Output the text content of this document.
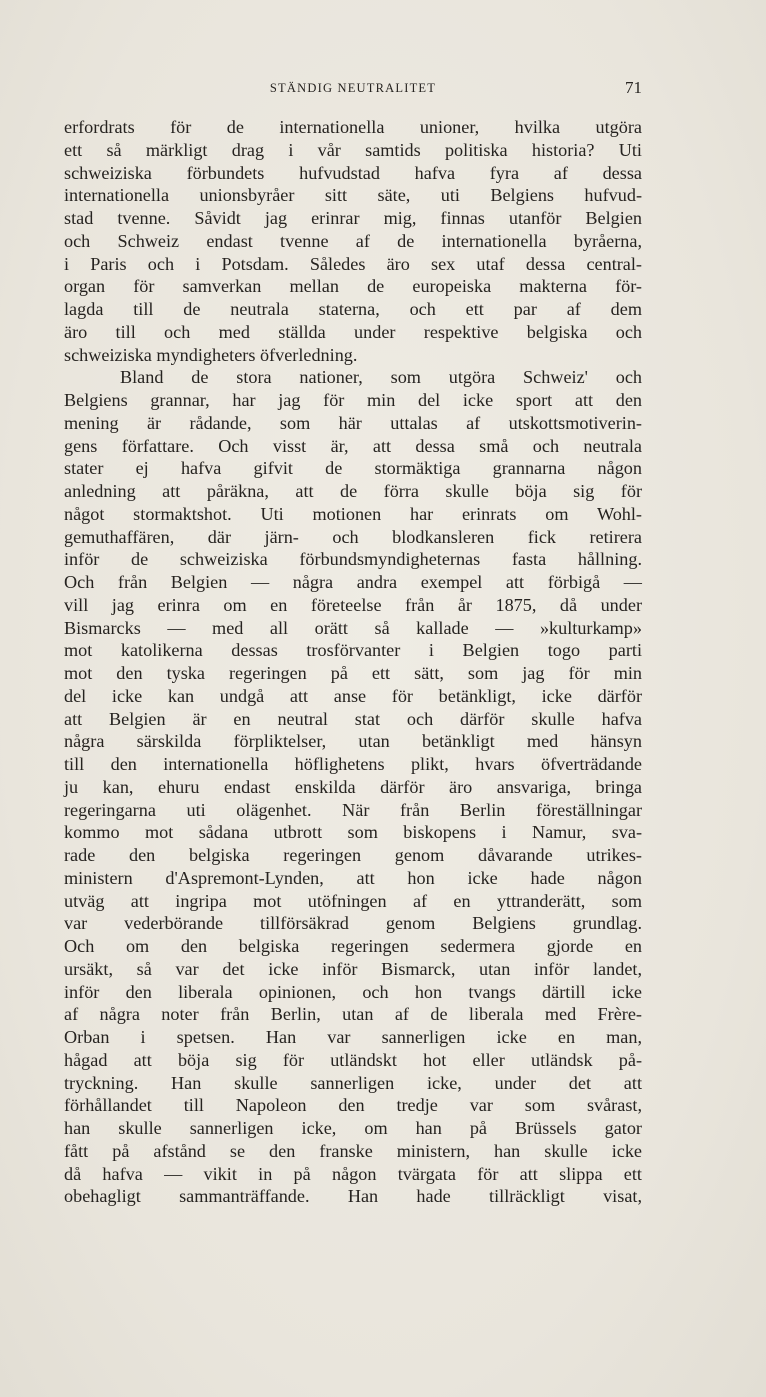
STÄNDIG NEUTRALITET	71
erfordrats för de internationella unioner, hvilka utgöra
ett så märkligt drag i vår samtids politiska historia? Uti
schweiziska förbundets hufvudstad hafva fyra af dessa
internationella unionsbyråer sitt säte, uti Belgiens hufvud-
stad tvenne. Såvidt jag erinrar mig, finnas utanför Belgien
och Schweiz endast tvenne af de internationella byråerna,
i Paris och i Potsdam. Således äro sex utaf dessa central-
organ för samverkan mellan de europeiska makterna för-
lagda till de neutrala staterna, och ett par af dem
äro till och med ställda under respektive belgiska och
schweiziska myndigheters öfverledning.
Bland de stora nationer, som utgöra Schweiz' och
Belgiens grannar, har jag för min del icke sport att den
mening är rådande, som här uttalas af utskottsmotiverin-
gens författare. Och visst är, att dessa små och neutrala
stater ej hafva gifvit de stormäktiga grannarna någon
anledning att påräkna, att de förra skulle böja sig för
något stormaktshot. Uti motionen har erinrats om Wohl-
gemuthaffären, där järn- och blodkansleren fick retirera
inför de schweiziska förbundsmyndigheternas fasta hållning.
Och från Belgien — några andra exempel att förbigå —
vill jag erinra om en företeelse från år 1875, då under
Bismarcks — med all orätt så kallade — »kulturkamp»
mot katolikerna dessas trosförvanter i Belgien togo parti
mot den tyska regeringen på ett sätt, som jag för min
del icke kan undgå att anse för betänkligt, icke därför
att Belgien är en neutral stat och därför skulle hafva
några särskilda förpliktelser, utan betänkligt med hänsyn
till den internationella höflighetens plikt, hvars öfverträdande
ju kan, ehuru endast enskilda därför äro ansvariga, bringa
regeringarna uti olägenhet. När från Berlin föreställningar
kommo mot sådana utbrott som biskopens i Namur, sva-
rade den belgiska regeringen genom dåvarande utrikes-
ministern d'Aspremont-Lynden, att hon icke hade någon
utväg att ingripa mot utöfningen af en yttranderätt, som
var vederbörande tillförsäkrad genom Belgiens grundlag.
Och om den belgiska regeringen sedermera gjorde en
ursäkt, så var det icke inför Bismarck, utan inför landet,
inför den liberala opinionen, och hon tvangs därtill icke
af några noter från Berlin, utan af de liberala med Frère-
Orban i spetsen. Han var sannerligen icke en man,
hågad att böja sig för utländskt hot eller utländsk på-
tryckning. Han skulle sannerligen icke, under det att
förhållandet till Napoleon den tredje var som svårast,
han skulle sannerligen icke, om han på Brüssels gator
fått på afstånd se den franske ministern, han skulle icke
då hafva — vikit in på någon tvärgata för att slippa ett
obehagligt sammanträffande. Han hade tillräckligt visat,
